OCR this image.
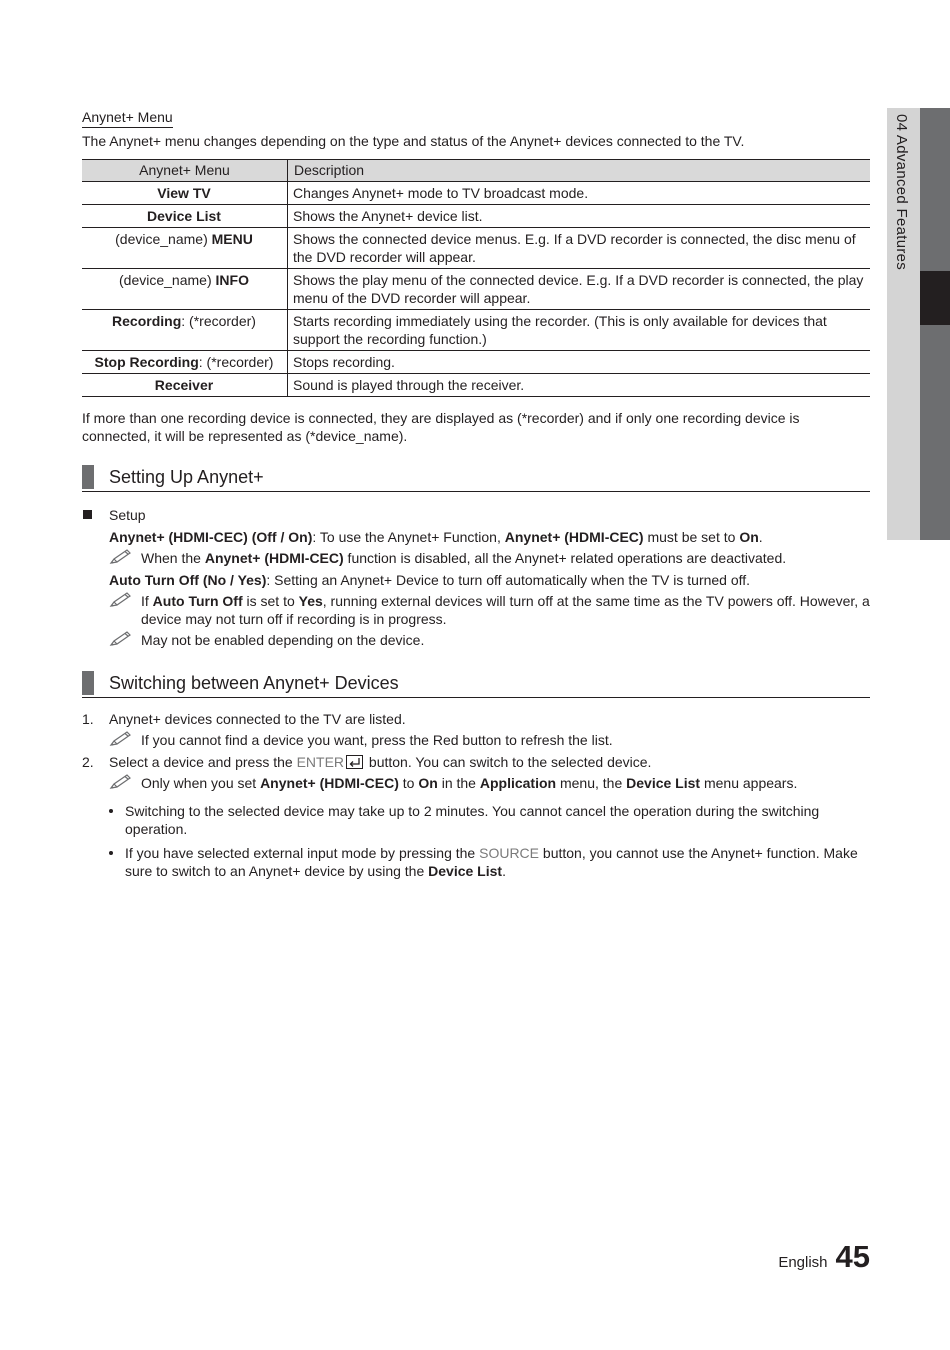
04 Advanced Features
Anynet+ Menu
The Anynet+ menu changes depending on the type and status of the Anynet+ devices connected to the TV.
Anynet+ Menu	Description
View TV	Changes Anynet+ mode to TV broadcast mode.
Device List	Shows the Anynet+ device list.
(device_name) MENU	Shows the connected device menus. E.g. If a DVD recorder is connected, the disc menu of the DVD recorder will appear.
(device_name) INFO	Shows the play menu of the connected device. E.g. If a DVD recorder is connected, the play menu of the DVD recorder will appear.
Recording: (*recorder)	Starts recording immediately using the recorder. (This is only available for devices that support the recording function.)
Stop Recording: (*recorder)	Stops recording.
Receiver	Sound is played through the receiver.
If more than one recording device is connected, they are displayed as (*recorder) and if only one recording device is connected, it will be represented as (*device_name).
Setting Up Anynet+
Setup
Anynet+ (HDMI-CEC) (Off / On): To use the Anynet+ Function, Anynet+ (HDMI-CEC) must be set to On.
When the Anynet+ (HDMI-CEC) function is disabled, all the Anynet+ related operations are deactivated.
Auto Turn Off (No / Yes): Setting an Anynet+ Device to turn off automatically when the TV is turned off.
If Auto Turn Off is set to Yes, running external devices will turn off at the same time as the TV powers off. However, a device may not turn off if recording is in progress.
May not be enabled depending on the device.
Switching between Anynet+ Devices
1. Anynet+ devices connected to the TV are listed.
If you cannot find a device you want, press the Red button to refresh the list.
2. Select a device and press the ENTER button. You can switch to the selected device.
Only when you set Anynet+ (HDMI-CEC) to On in the Application menu, the Device List menu appears.
Switching to the selected device may take up to 2 minutes. You cannot cancel the operation during the switching operation.
If you have selected external input mode by pressing the SOURCE button, you cannot use the Anynet+ function. Make sure to switch to an Anynet+ device by using the Device List.
English 45
